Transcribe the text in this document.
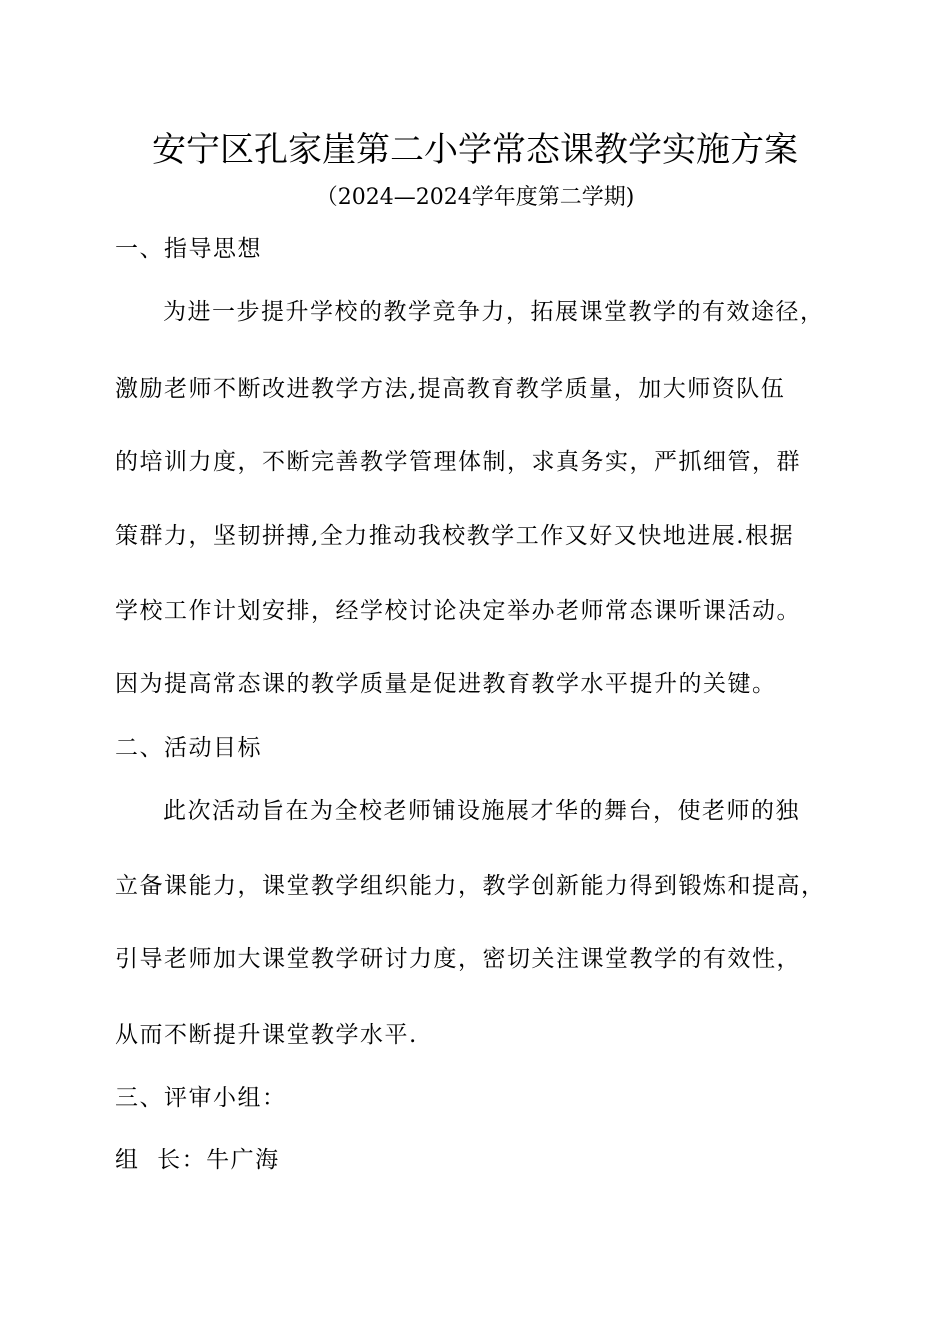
安宁区孔家崖第二小学常态课教学实施方案
（2024—2024学年度第二学期)
一、指导思想
为进一步提升学校的教学竞争力，拓展课堂教学的有效途径，
激励老师不断改进教学方法,提高教育教学质量，加大师资队伍
的培训力度，不断完善教学管理体制，求真务实，严抓细管，群
策群力，坚韧拼搏,全力推动我校教学工作又好又快地进展.根据
学校工作计划安排，经学校讨论决定举办老师常态课听课活动。
因为提高常态课的教学质量是促进教育教学水平提升的关键。
二、活动目标
此次活动旨在为全校老师铺设施展才华的舞台，使老师的独
立备课能力，课堂教学组织能力，教学创新能力得到锻炼和提高，
引导老师加大课堂教学研讨力度，密切关注课堂教学的有效性，
从而不断提升课堂教学水平.
三、评审小组：
组  长：牛广海
